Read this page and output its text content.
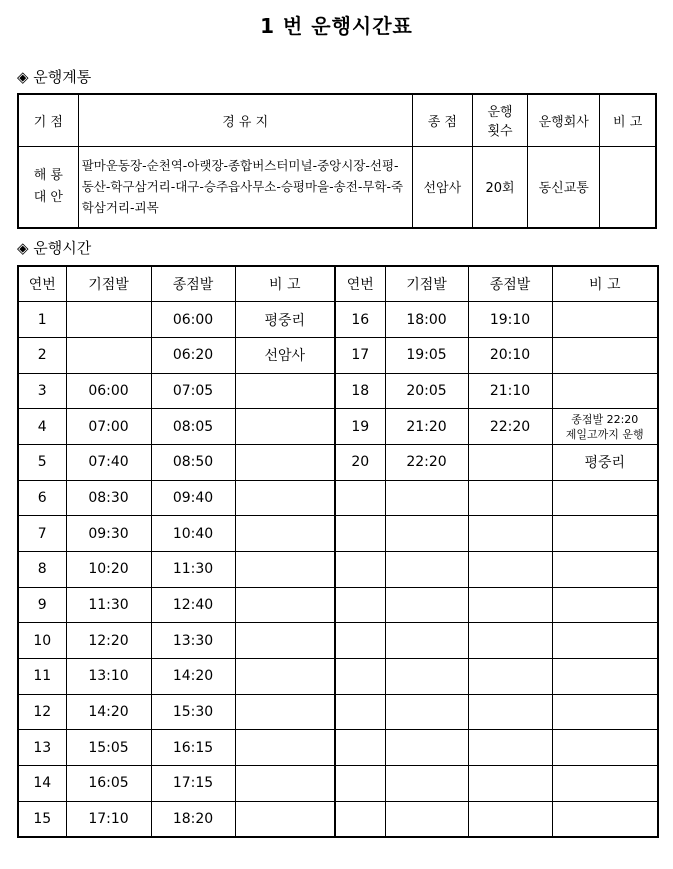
1 번 운행시간표
◈ 운행계통
기 점	경 유 지	종 점	운행
횟수	운행회사	비 고

해 룡
대 안	팔마운동장-순천역-아랫장-종합버스터미널-중앙시장-선평-동산-학구삼거리-대구-승주읍사무소-승평마을-송전-무학-죽학삼거리-괴목	선암사	20회	동신교통	
◈ 운행시간
연번	기점발	종점발	비 고	연번	기점발	종점발	비 고
1		06:00	평중리	16	18:00	19:10	
2		06:20	선암사	17	19:05	20:10	
3	06:00	07:05		18	20:05	21:10	
4	07:00	08:05		19	21:20	22:20	종점발 22:20
제일고까지 운행
5	07:40	08:50		20	22:20		평중리
6	08:30	09:40					
7	09:30	10:40					
8	10:20	11:30					
9	11:30	12:40					
10	12:20	13:30					
11	13:10	14:20					
12	14:20	15:30					
13	15:05	16:15					
14	16:05	17:15					
15	17:10	18:20					
